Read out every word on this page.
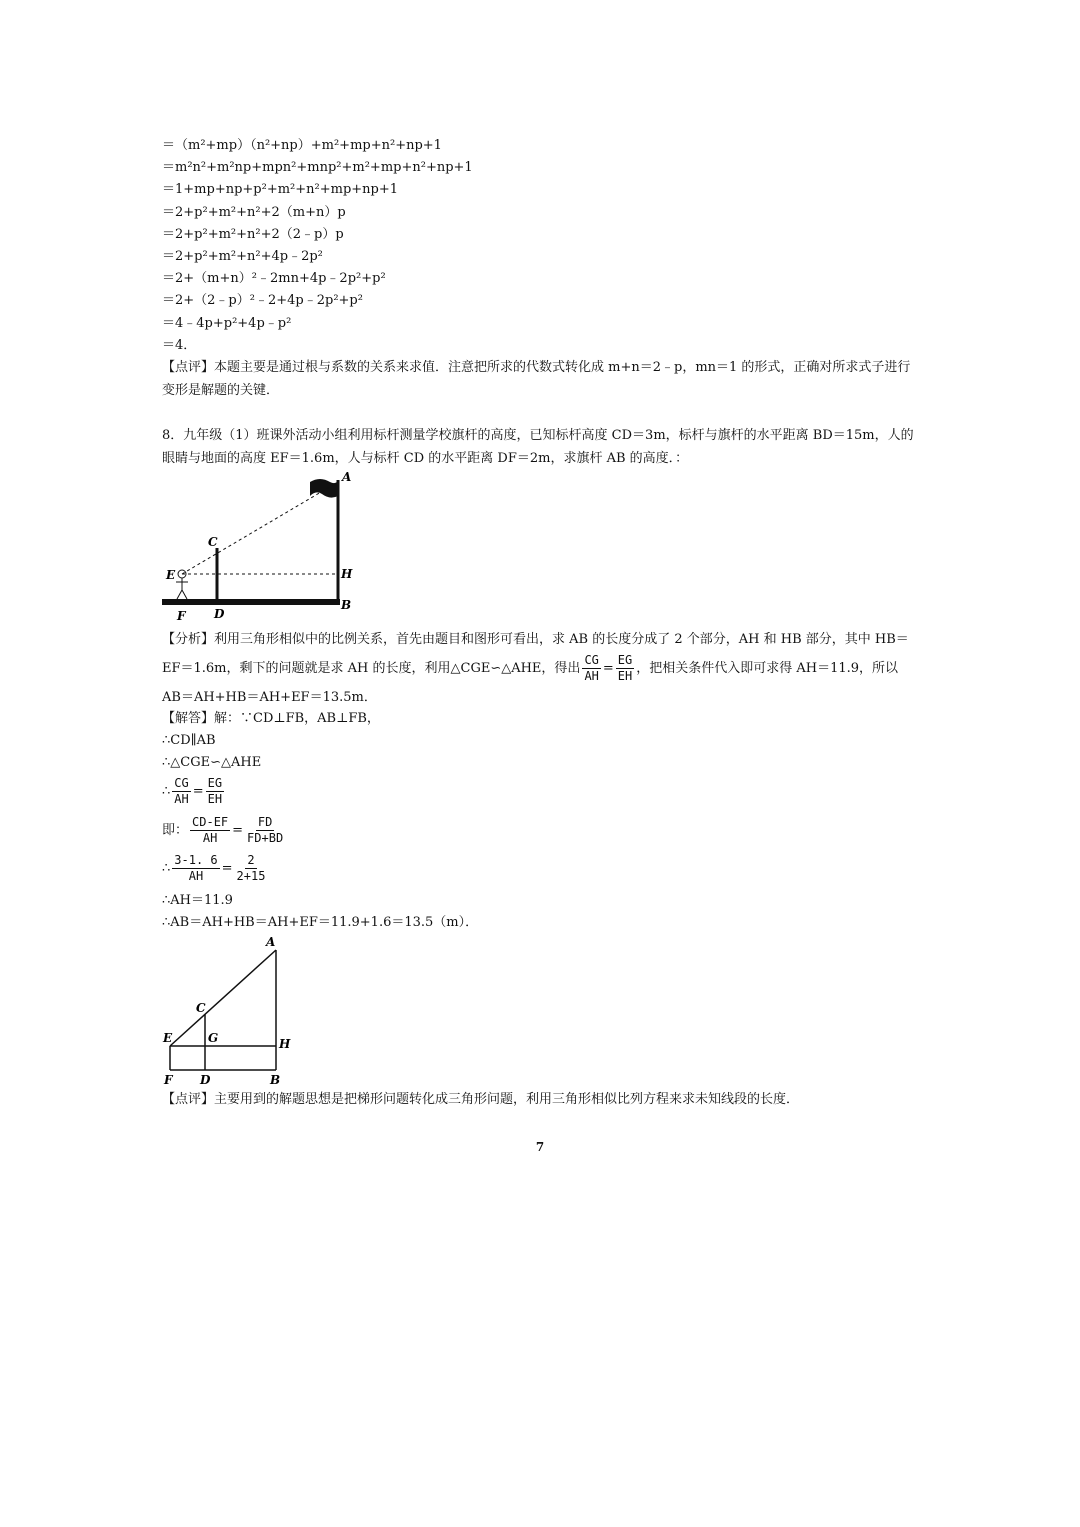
＝（m²+mp）（n²+np）+m²+mp+n²+np+1
＝m²n²+m²np+mpn²+mnp²+m²+mp+n²+np+1
＝1+mp+np+p²+m²+n²+mp+np+1
＝2+p²+m²+n²+2（m+n）p
＝2+p²+m²+n²+2（2﹣p）p
＝2+p²+m²+n²+4p﹣2p²
＝2+（m+n）²﹣2mn+4p﹣2p²+p²
＝2+（2﹣p）²﹣2+4p﹣2p²+p²
＝4﹣4p+p²+4p﹣p²
＝4．
【点评】本题主要是通过根与系数的关系来求值．注意把所求的代数式转化成 m+n＝2﹣p，mn＝1 的形式，正确对所求式子进行变形是解题的关键．
8．九年级（1）班课外活动小组利用标杆测量学校旗杆的高度，已知标杆高度 CD＝3m，标杆与旗杆的水平距离 BD＝15m，人的眼睛与地面的高度 EF＝1.6m，人与标杆 CD 的水平距离 DF＝2m，求旗杆 AB 的高度．：
A
C
E	H
F D
B
【分析】利用三角形相似中的比例关系，首先由题目和图形可看出，求 AB 的长度分成了 2 个部分，AH 和 HB 部分，其中 HB＝EF＝1.6m，剩下的问题就是求 AH 的长度，利用△CGE∽△AHE，得出 $\frac{CG}{AH} = \frac{EG}{EH}$ ，把相关条件代入即可求得 AH＝11.9，所以 AB＝AH+HB＝AH+EF＝13.5m．
【解答】解：∵CD⊥FB，AB⊥FB，
∴CD∥AB
∴△CGE∽△AHE
∴ $\frac{CG}{AH} = \frac{EG}{EH}$
即： $\frac{CD-EF}{AH} = \frac{FD}{FD+BD}$
∴ $\frac{3-1. 6}{AH} = \frac{2}{2+15}$
∴AH＝11.9
∴AB＝AH+HB＝AH+EF＝11.9+1.6＝13.5（m）．
A
C
E	G	H
F D	B
【点评】主要用到的解题思想是把梯形问题转化成三角形问题，利用三角形相似比列方程来求未知线段的长度．
7
